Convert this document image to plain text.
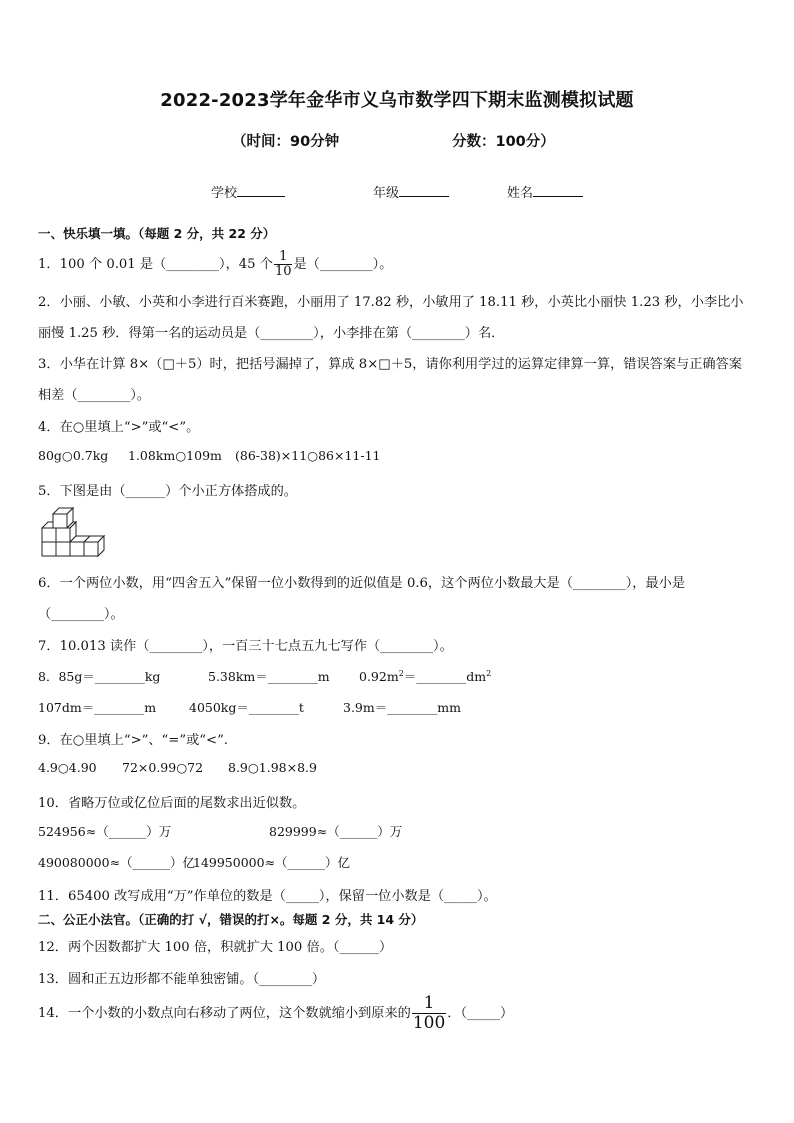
2022-2023学年金华市义乌市数学四下期末监测模拟试题
（时间：90分钟	分数：100分）
学校	年级	姓名
一、快乐填一填。（每题 2 分，共 22 分）
1．100 个 0.01 是（________），45 个 $\frac{1}{10}$ 是（________）。
2．小丽、小敏、小英和小李进行百米赛跑，小丽用了 17.82 秒，小敏用了 18.11 秒，小英比小丽快 1.23 秒，小李比小
丽慢 1.25 秒．得第一名的运动员是（________），小李排在第（________）名．
3．小华在计算 8×（□＋5）时，把括号漏掉了，算成 8×□＋5，请你利用学过的运算定律算一算，错误答案与正确答案
相差（________）。
4．在○里填上“>”或“<”。
80g○0.7kg 1.08km○109m (86-38)×11○86×11-11
5．下图是由（______）个小正方体搭成的。
6．一个两位小数，用“四舍五入”保留一位小数得到的近似值是 0.6，这个两位小数最大是（________），最小是
（________）。
7．10.013 读作（________），一百三十七点五九七写作（________）。
8．85g＝________kg	5.38km＝________m $0.92m^2=\_\_\_\_\_\_\_\_dm^2$
107dm＝________m	4050kg＝________t	3.9m＝________mm
9．在○里填上“>”、“=”或“<”.
4.9○4.90 72×0.99○72 8.9○1.98×8.9
10．省略万位或亿位后面的尾数求出近似数。
524956≈（______）万	829999≈（______）万
490080000≈（______）亿
149950000≈（______）亿
11．65400 改写成用“万”作单位的数是（_____），保留一位小数是（_____）。
二、公正小法官。（正确的打 √，错误的打×。每题 2 分，共 14 分）
12．两个因数都扩大 100 倍，积就扩大 100 倍。（______）
13．圆和正五边形都不能单独密铺。（________）
14．一个小数的小数点向右移动了两位，这个数就缩小到原来的 $\frac{1}{100}$ ．（_____）
